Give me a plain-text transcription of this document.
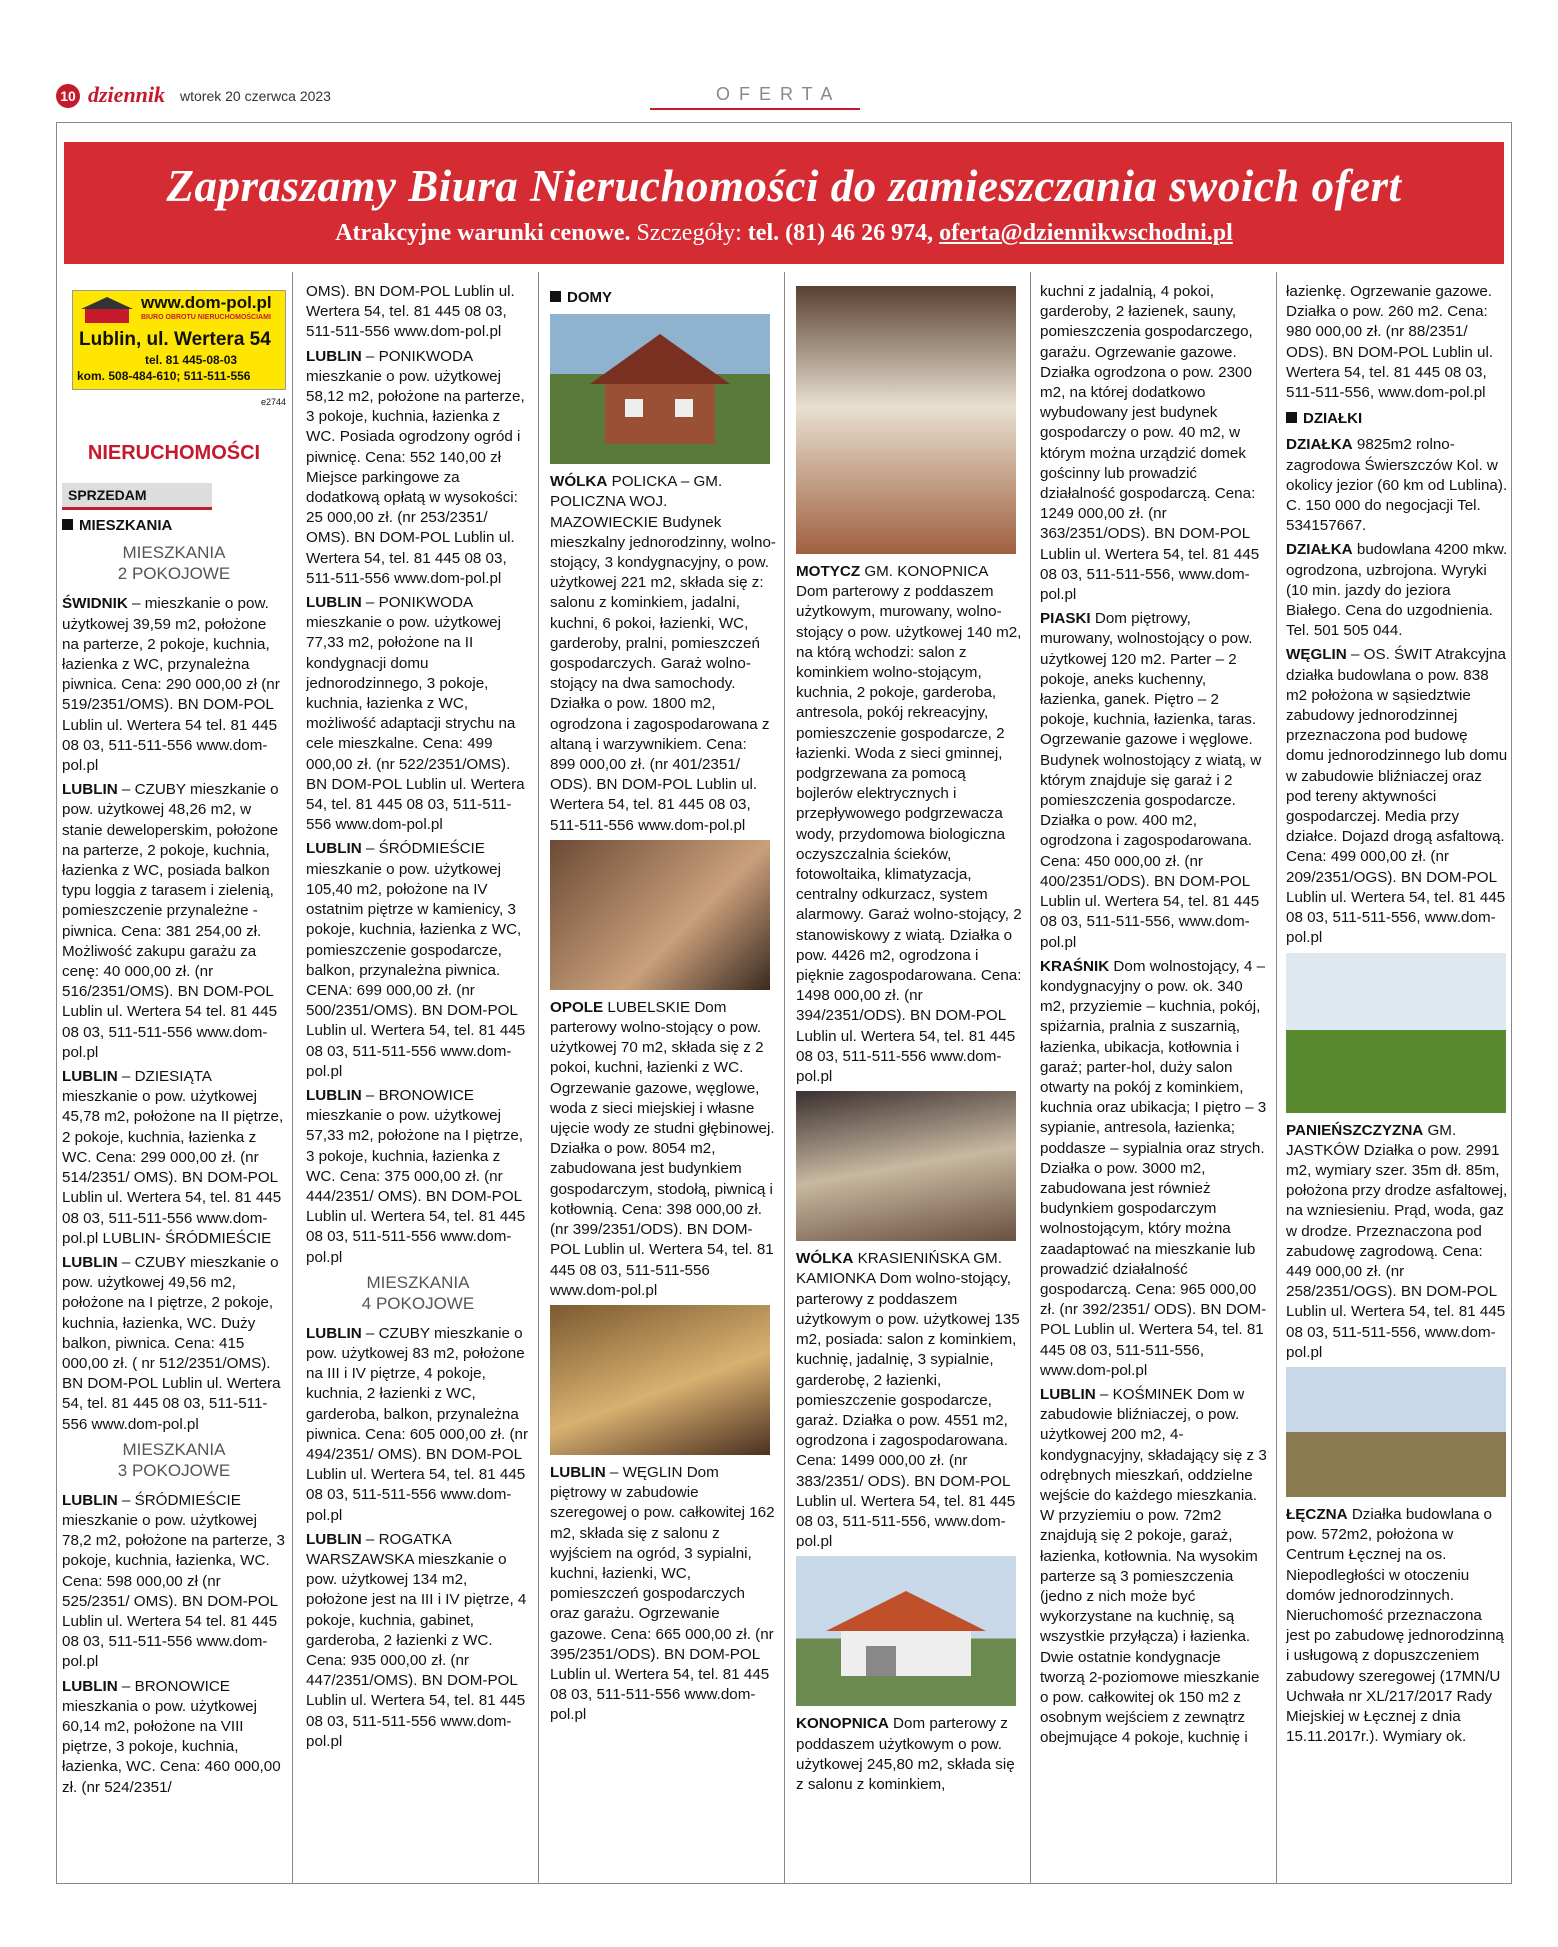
10 dziennik wtorek 20 czerwca 2023	OFERTA
Zapraszamy Biura Nieruchomości do zamieszczania swoich ofert

Atrakcyjne warunki cenowe. Szczegóły: tel. (81) 46 26 974, oferta@dziennikwschodni.pl

www.dom-pol.pl
BIURO OBROTU NIERUCHOMOŚCIAMI
Lublin, ul. Wertera 54
tel. 81 445-08-03
kom. 508-484-610; 511-511-556
e2744
NIERUCHOMOŚCI
SPRZEDAM
MIESZKANIA
MIESZKANIA
2 POKOJOWE

ŚWIDNIK – mieszkanie o pow. użytkowej 39,59 m2, położone na parterze, 2 pokoje, kuchnia, łazienka z WC, przynależna piwnica. Cena: 290 000,00 zł (nr 519/2351/OMS). BN DOM-POL Lublin ul. Wertera 54 tel. 81 445 08 03, 511-511-556 www.dom-pol.pl

LUBLIN – CZUBY mieszkanie o pow. użytkowej 48,26 m2, w stanie deweloperskim, położone na parterze, 2 pokoje, kuchnia, łazienka z WC, posiada balkon typu loggia z tarasem i zielenią, pomieszczenie przynależne - piwnica. Cena: 381 254,00 zł. Możliwość zakupu garażu za cenę: 40 000,00 zł. (nr 516/2351/OMS). BN DOM-POL Lublin ul. Wertera 54 tel. 81 445 08 03, 511-511-556 www.dom-pol.pl

LUBLIN – DZIESIĄTA mieszkanie o pow. użytkowej 45,78 m2, położone na II piętrze, 2 pokoje, kuchnia, łazienka z WC. Cena: 299 000,00 zł. (nr 514/2351/ OMS). BN DOM-POL Lublin ul. Wertera 54, tel. 81 445 08 03, 511-511-556 www.dom-pol.pl LUBLIN- ŚRÓDMIEŚCIE

LUBLIN – CZUBY mieszkanie o pow. użytkowej 49,56 m2, położone na I piętrze, 2 pokoje, kuchnia, łazienka, WC. Duży balkon, piwnica. Cena: 415 000,00 zł. ( nr 512/2351/OMS). BN DOM-POL Lublin ul. Wertera 54, tel. 81 445 08 03, 511-511-556 www.dom-pol.pl

MIESZKANIA
3 POKOJOWE

LUBLIN – ŚRÓDMIEŚCIE mieszkanie o pow. użytkowej 78,2 m2, położone na parterze, 3 pokoje, kuchnia, łazienka, WC. Cena: 598 000,00 zł (nr 525/2351/ OMS). BN DOM-POL Lublin ul. Wertera 54 tel. 81 445 08 03, 511-511-556 www.dom-pol.pl

LUBLIN – BRONOWICE mieszkania o pow. użytkowej 60,14 m2, położone na VIII piętrze, 3 pokoje, kuchnia, łazienka, WC. Cena: 460 000,00 zł. (nr 524/2351/

OMS). BN DOM-POL Lublin ul. Wertera 54, tel. 81 445 08 03, 511-511-556 www.dom-pol.pl

LUBLIN – PONIKWODA mieszkanie o pow. użytkowej 58,12 m2, położone na parterze, 3 pokoje, kuchnia, łazienka z WC. Posiada ogrodzony ogród i piwnicę. Cena: 552 140,00 zł Miejsce parkingowe za dodatkową opłatą w wysokości: 25 000,00 zł. (nr 253/2351/ OMS). BN DOM-POL Lublin ul. Wertera 54, tel. 81 445 08 03, 511-511-556 www.dom-pol.pl

LUBLIN – PONIKWODA mieszkanie o pow. użytkowej 77,33 m2, położone na II kondygnacji domu jednorodzinnego, 3 pokoje, kuchnia, łazienka z WC, możliwość adaptacji strychu na cele mieszkalne. Cena: 499 000,00 zł. (nr 522/2351/OMS). BN DOM-POL Lublin ul. Wertera 54, tel. 81 445 08 03, 511-511-556 www.dom-pol.pl

LUBLIN – ŚRÓDMIEŚCIE mieszkanie o pow. użytkowej 105,40 m2, położone na IV ostatnim piętrze w kamienicy, 3 pokoje, kuchnia, łazienka z WC, pomieszczenie gospodarcze, balkon, przynależna piwnica. CENA: 699 000,00 zł. (nr 500/2351/OMS). BN DOM-POL Lublin ul. Wertera 54, tel. 81 445 08 03, 511-511-556 www.dom-pol.pl

LUBLIN – BRONOWICE mieszkanie o pow. użytkowej 57,33 m2, położone na I piętrze, 3 pokoje, kuchnia, łazienka z WC. Cena: 375 000,00 zł. (nr 444/2351/ OMS). BN DOM-POL Lublin ul. Wertera 54, tel. 81 445 08 03, 511-511-556 www.dom-pol.pl

MIESZKANIA
4 POKOJOWE

LUBLIN – CZUBY mieszkanie o pow. użytkowej 83 m2, położone na III i IV piętrze, 4 pokoje, kuchnia, 2 łazienki z WC, garderoba, balkon, przynależna piwnica. Cena: 605 000,00 zł. (nr 494/2351/ OMS). BN DOM-POL Lublin ul. Wertera 54, tel. 81 445 08 03, 511-511-556 www.dom-pol.pl

LUBLIN – ROGATKA WARSZAWSKA mieszkanie o pow. użytkowej 134 m2, położone jest na III i IV piętrze, 4 pokoje, kuchnia, gabinet, garderoba, 2 łazienki z WC. Cena: 935 000,00 zł. (nr 447/2351/OMS). BN DOM-POL Lublin ul. Wertera 54, tel. 81 445 08 03, 511-511-556 www.dom-pol.pl

DOMY

WÓLKA POLICKA – GM. POLICZNA WOJ. MAZOWIECKIE Budynek mieszkalny jednorodzinny, wolno-stojący, 3 kondygnacyjny, o pow. użytkowej 221 m2, składa się z: salonu z kominkiem, jadalni, kuchni, 6 pokoi, łazienki, WC, garderoby, pralni, pomieszczeń gospodarczych. Garaż wolno-stojący na dwa samochody. Działka o pow. 1800 m2, ogrodzona i zagospodarowana z altaną i warzywnikiem. Cena: 899 000,00 zł. (nr 401/2351/ ODS). BN DOM-POL Lublin ul. Wertera 54, tel. 81 445 08 03, 511-511-556 www.dom-pol.pl

OPOLE LUBELSKIE Dom parterowy wolno-stojący o pow. użytkowej 70 m2, składa się z 2 pokoi, kuchni, łazienki z WC. Ogrzewanie gazowe, węglowe, woda z sieci miejskiej i własne ujęcie wody ze studni głębinowej. Działka o pow. 8054 m2, zabudowana jest budynkiem gospodarczym, stodołą, piwnicą i kotłownią. Cena: 398 000,00 zł. (nr 399/2351/ODS). BN DOM-POL Lublin ul. Wertera 54, tel. 81 445 08 03, 511-511-556 www.dom-pol.pl

LUBLIN – WĘGLIN Dom piętrowy w zabudowie szeregowej o pow. całkowitej 162 m2, składa się z salonu z wyjściem na ogród, 3 sypialni, kuchni, łazienki, WC, pomieszczeń gospodarczych oraz garażu. Ogrzewanie gazowe. Cena: 665 000,00 zł. (nr 395/2351/ODS). BN DOM-POL Lublin ul. Wertera 54, tel. 81 445 08 03, 511-511-556 www.dom-pol.pl

MOTYCZ GM. KONOPNICA Dom parterowy z poddaszem użytkowym, murowany, wolno-stojący o pow. użytkowej 140 m2, na którą wchodzi: salon z kominkiem wolno-stojącym, kuchnia, 2 pokoje, garderoba, antresola, pokój rekreacyjny, pomieszczenie gospodarcze, 2 łazienki. Woda z sieci gminnej, podgrzewana za pomocą bojlerów elektrycznych i przepływowego podgrzewacza wody, przydomowa biologiczna oczyszczalnia ścieków, fotowoltaika, klimatyzacja, centralny odkurzacz, system alarmowy. Garaż wolno-stojący, 2 stanowiskowy z wiatą. Działka o pow. 4426 m2, ogrodzona i pięknie zagospodarowana. Cena: 1498 000,00 zł. (nr 394/2351/ODS). BN DOM-POL Lublin ul. Wertera 54, tel. 81 445 08 03, 511-511-556 www.dom-pol.pl

WÓLKA KRASIENIŃSKA GM. KAMIONKA Dom wolno-stojący, parterowy z poddaszem użytkowym o pow. użytkowej 135 m2, posiada: salon z kominkiem, kuchnię, jadalnię, 3 sypialnie, garderobę, 2 łazienki, pomieszczenie gospodarcze, garaż. Działka o pow. 4551 m2, ogrodzona i zagospodarowana. Cena: 1499 000,00 zł. (nr 383/2351/ ODS). BN DOM-POL Lublin ul. Wertera 54, tel. 81 445 08 03, 511-511-556, www.dom-pol.pl

KONOPNICA Dom parterowy z poddaszem użytkowym o pow. użytkowej 245,80 m2, składa się z salonu z kominkiem,

kuchni z jadalnią, 4 pokoi, garderoby, 2 łazienek, sauny, pomieszczenia gospodarczego, garażu. Ogrzewanie gazowe. Działka ogrodzona o pow. 2300 m2, na której dodatkowo wybudowany jest budynek gospodarczy o pow. 40 m2, w którym można urządzić domek gościnny lub prowadzić działalność gospodarczą. Cena: 1249 000,00 zł. (nr 363/2351/ODS). BN DOM-POL Lublin ul. Wertera 54, tel. 81 445 08 03, 511-511-556, www.dom-pol.pl

PIASKI Dom piętrowy, murowany, wolnostojący o pow. użytkowej 120 m2. Parter – 2 pokoje, aneks kuchenny, łazienka, ganek. Piętro – 2 pokoje, kuchnia, łazienka, taras. Ogrzewanie gazowe i węglowe. Budynek wolnostojący z wiatą, w którym znajduje się garaż i 2 pomieszczenia gospodarcze. Działka o pow. 400 m2, ogrodzona i zagospodarowana. Cena: 450 000,00 zł. (nr 400/2351/ODS). BN DOM-POL Lublin ul. Wertera 54, tel. 81 445 08 03, 511-511-556, www.dom-pol.pl

KRAŚNIK Dom wolnostojący, 4 – kondygnacyjny o pow. ok. 340 m2, przyziemie – kuchnia, pokój, spiżarnia, pralnia z suszarnią, łazienka, ubikacja, kotłownia i garaż; parter-hol, duży salon otwarty na pokój z kominkiem, kuchnia oraz ubikacja; I piętro – 3 sypianie, antresola, łazienka; poddasze – sypialnia oraz strych. Działka o pow. 3000 m2, zabudowana jest również budynkiem gospodarczym wolnostojącym, który można zaadaptować na mieszkanie lub prowadzić działalność gospodarczą. Cena: 965 000,00 zł. (nr 392/2351/ ODS). BN DOM-POL Lublin ul. Wertera 54, tel. 81 445 08 03, 511-511-556, www.dom-pol.pl

LUBLIN – KOŚMINEK Dom w zabudowie bliźniaczej, o pow. użytkowej 200 m2, 4-kondygnacyjny, składający się z 3 odrębnych mieszkań, oddzielne wejście do każdego mieszkania. W przyziemiu o pow. 72m2 znajdują się 2 pokoje, garaż, łazienka, kotłownia. Na wysokim parterze są 3 pomieszczenia (jedno z nich może być wykorzystane na kuchnię, są wszystkie przyłącza) i łazienka. Dwie ostatnie kondygnacje tworzą 2-poziomowe mieszkanie o pow. całkowitej ok 150 m2 z osobnym wejściem z zewnątrz obejmujące 4 pokoje, kuchnię i

łazienkę. Ogrzewanie gazowe. Działka o pow. 260 m2. Cena: 980 000,00 zł. (nr 88/2351/ ODS). BN DOM-POL Lublin ul. Wertera 54, tel. 81 445 08 03, 511-511-556, www.dom-pol.pl

DZIAŁKI

DZIAŁKA 9825m2 rolno-zagrodowa Świerszczów Kol. w okolicy jezior (60 km od Lublina). C. 150 000 do negocjacji Tel. 534157667.

DZIAŁKA budowlana 4200 mkw. ogrodzona, uzbrojona. Wyryki (10 min. jazdy do jeziora Białego. Cena do uzgodnienia. Tel. 501 505 044.

WĘGLIN – OS. ŚWIT Atrakcyjna działka budowlana o pow. 838 m2 położona w sąsiedztwie zabudowy jednorodzinnej przeznaczona pod budowę domu jednorodzinnego lub domu w zabudowie bliźniaczej oraz pod tereny aktywności gospodarczej. Media przy działce. Dojazd drogą asfaltową. Cena: 499 000,00 zł. (nr 209/2351/OGS). BN DOM-POL Lublin ul. Wertera 54, tel. 81 445 08 03, 511-511-556, www.dom-pol.pl

PANIEŃSZCZYZNA GM. JASTKÓW Działka o pow. 2991 m2, wymiary szer. 35m dł. 85m, położona przy drodze asfaltowej, na wzniesieniu. Prąd, woda, gaz w drodze. Przeznaczona pod zabudowę zagrodową. Cena: 449 000,00 zł. (nr 258/2351/OGS). BN DOM-POL Lublin ul. Wertera 54, tel. 81 445 08 03, 511-511-556, www.dom-pol.pl

ŁĘCZNA Działka budowlana o pow. 572m2, położona w Centrum Łęcznej na os. Niepodległości w otoczeniu domów jednorodzinnych. Nieruchomość przeznaczona jest po zabudowę jednorodzinną i usługową z dopuszczeniem zabudowy szeregowej (17MN/U Uchwała nr XL/217/2017 Rady Miejskiej w Łęcznej z dnia 15.11.2017r.). Wymiary ok.
